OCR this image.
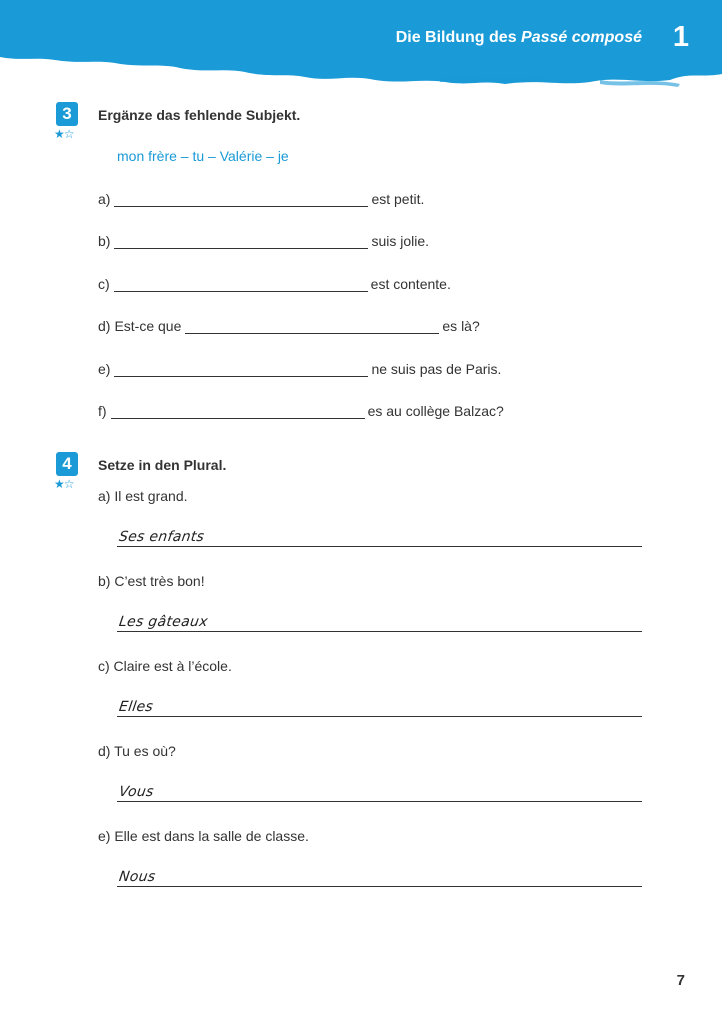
Die Bildung des Passé composé 1
3
★☆
Ergänze das fehlende Subjekt.
mon frère – tu – Valérie – je
a)	est petit.
b)	suis jolie.
c)	est contente.
d) Est-ce que	es là?
e)	ne suis pas de Paris.
f)	es au collège Balzac?
4
★☆
Setze in den Plural.
a) Il est grand.
Ses enfants
b) C’est très bon!
Les gâteaux
c) Claire est à l’école.
Elles
d) Tu es où?
Vous
e) Elle est dans la salle de classe.
Nous
7
